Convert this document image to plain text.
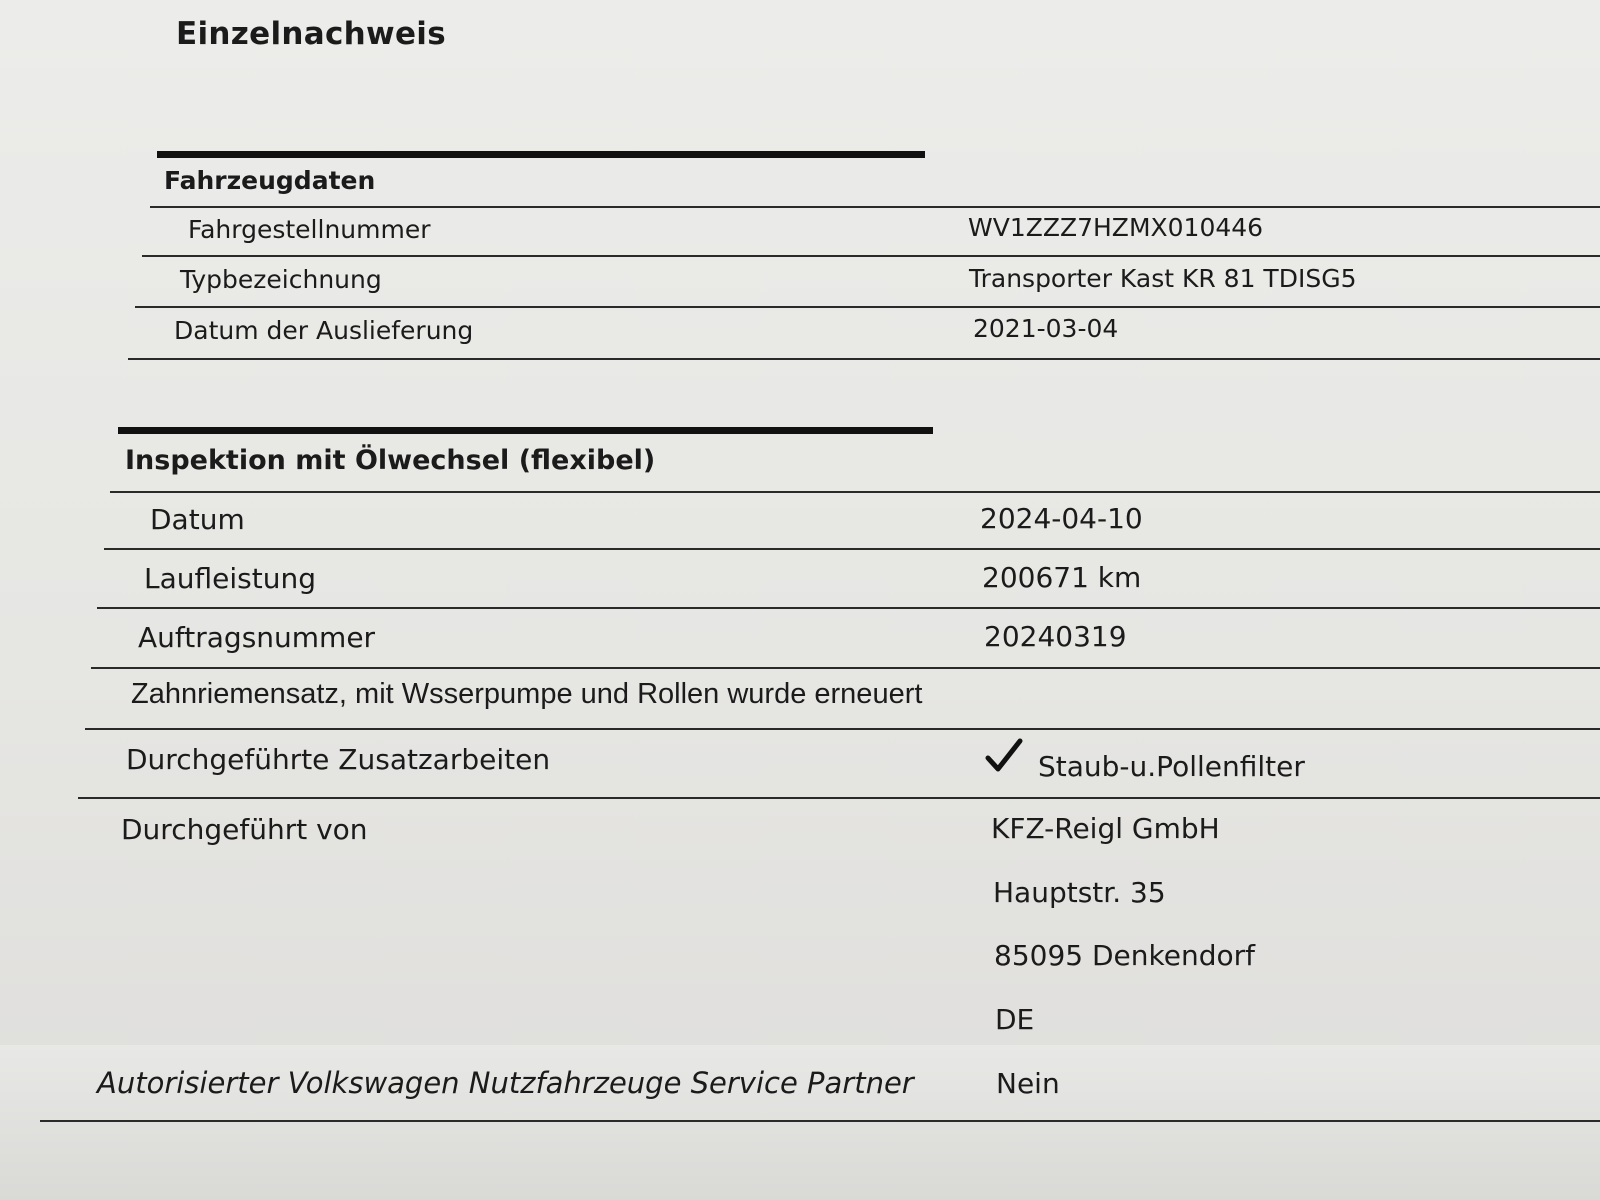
Einzelnachweis
Fahrzeugdaten
Fahrgestellnummer	WV1ZZZ7HZMX010446
Typbezeichnung	Transporter Kast KR 81 TDISG5
Datum der Auslieferung	2021-03-04
Inspektion mit Ölwechsel (flexibel)
Datum	2024-04-10
Laufleistung	200671 km
Auftragsnummer	20240319
Zahnriemensatz, mit Wsserpumpe und Rollen wurde erneuert
Durchgeführte Zusatzarbeiten	Staub-u.Pollenfilter
Durchgeführt von	KFZ-Reigl GmbH
Hauptstr. 35
85095 Denkendorf
DE
Autorisierter Volkswagen Nutzfahrzeuge Service Partner	Nein
